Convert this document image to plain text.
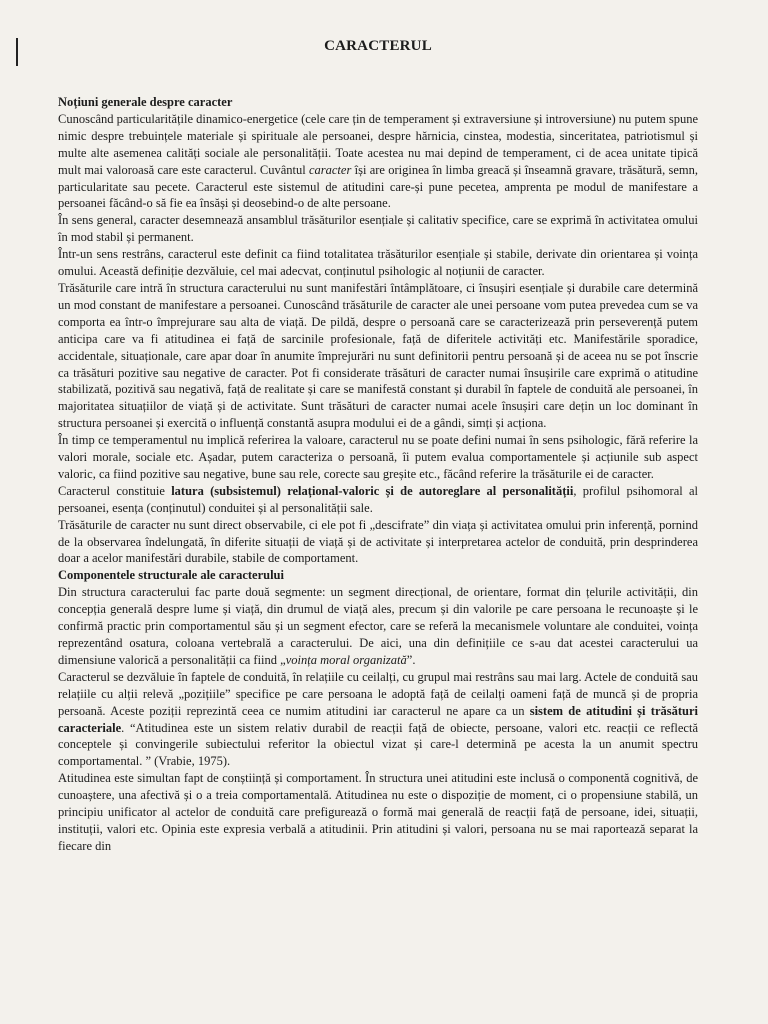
CARACTERUL
Noțiuni generale despre caracter

Cunoscând particularitățile dinamico-energetice (cele care țin de temperament și extraversiune și introversiune) nu putem spune nimic despre trebuințele materiale și spirituale ale persoanei, despre hărnicia, cinstea, modestia, sinceritatea, patriotismul și multe alte asemenea calități sociale ale personalității. Toate acestea nu mai depind de temperament, ci de acea unitate tipică mult mai valoroasă care este caracterul. Cuvântul caracter își are originea în limba greacă și înseamnă gravare, trăsătură, semn, particularitate sau pecete. Caracterul este sistemul de atitudini care-și pune pecetea, amprenta pe modul de manifestare a persoanei făcând-o să fie ea însăși și deosebind-o de alte persoane.

În sens general, caracter desemnează ansamblul trăsăturilor esențiale și calitativ specifice, care se exprimă în activitatea omului în mod stabil și permanent.

Într-un sens restrâns, caracterul este definit ca fiind totalitatea trăsăturilor esențiale și stabile, derivate din orientarea și voința omului. Această definiție dezvăluie, cel mai adecvat, conținutul psihologic al noțiunii de caracter.

Trăsăturile care intră în structura caracterului nu sunt manifestări întâmplătoare, ci însușiri esențiale și durabile care determină un mod constant de manifestare a persoanei. Cunoscând trăsăturile de caracter ale unei persoane vom putea prevedea cum se va comporta ea într-o împrejurare sau alta de viață. De pildă, despre o persoană care se caracterizează prin perseverență putem anticipa care va fi atitudinea ei față de sarcinile profesionale, față de diferitele activități etc. Manifestările sporadice, accidentale, situaționale, care apar doar în anumite împrejurări nu sunt definitorii pentru persoană și de aceea nu se pot înscrie ca trăsături pozitive sau negative de caracter. Pot fi considerate trăsături de caracter numai însușirile care exprimă o atitudine stabilizată, pozitivă sau negativă, față de realitate și care se manifestă constant și durabil în faptele de conduită ale persoanei, în majoritatea situațiilor de viață și de activitate. Sunt trăsături de caracter numai acele însușiri care dețin un loc dominant în structura persoanei și exercită o influență constantă asupra modului ei de a gândi, simți și acționa.

În timp ce temperamentul nu implică referirea la valoare, caracterul nu se poate defini numai în sens psihologic, fără referire la valori morale, sociale etc. Așadar, putem caracteriza o persoană, îi putem evalua comportamentele și acțiunile sub aspect valoric, ca fiind pozitive sau negative, bune sau rele, corecte sau greșite etc., făcând referire la trăsăturile ei de caracter.

Caracterul constituie latura (subsistemul) relațional-valoric și de autoreglare al personalității, profilul psihomoral al persoanei, esența (conținutul) conduitei și al personalității sale.

Trăsăturile de caracter nu sunt direct observabile, ci ele pot fi „descifrate” din viața și activitatea omului prin inferență, pornind de la observarea îndelungată, în diferite situații de viață și de activitate și interpretarea actelor de conduită, prin desprinderea doar a acelor manifestări durabile, stabile de comportament.

Componentele structurale ale caracterului

Din structura caracterului fac parte două segmente: un segment direcțional, de orientare, format din țelurile activității, din concepția generală despre lume și viață, din drumul de viață ales, precum și din valorile pe care persoana le recunoaște și le confirmă practic prin comportamentul său și un segment efector, care se referă la mecanismele voluntare ale conduitei, voința reprezentând osatura, coloana vertebrală a caracterului. De aici, una din definițiile ce s-au dat acestei caracterului ua dimensiune valorică a personalității ca fiind „voința moral organizată”.

Caracterul se dezvăluie în faptele de conduită, în relațiile cu ceilalți, cu grupul mai restrâns sau mai larg. Actele de conduită sau relațiile cu alții relevă „pozițiile” specifice pe care persoana le adoptă față de ceilalți oameni față de muncă și de propria persoană. Aceste poziții reprezintă ceea ce numim atitudini iar caracterul ne apare ca un sistem de atitudini și trăsături caracteriale. “Atitudinea este un sistem relativ durabil de reacții față de obiecte, persoane, valori etc. reacții ce reflectă conceptele și convingerile subiectului referitor la obiectul vizat și care-l determină pe acesta la un anumit spectru comportamental. ” (Vrabie, 1975).

Atitudinea este simultan fapt de conștiință și comportament. În structura unei atitudini este inclusă o componentă cognitivă, de cunoaștere, una afectivă și o a treia comportamentală. Atitudinea nu este o dispoziție de moment, ci o propensiune stabilă, un principiu unificator al actelor de conduită care prefigurează o formă mai generală de reacții față de persoane, idei, situații, instituții, valori etc. Opinia este expresia verbală a atitudinii. Prin atitudini și valori, persoana nu se mai raportează separat la fiecare din
